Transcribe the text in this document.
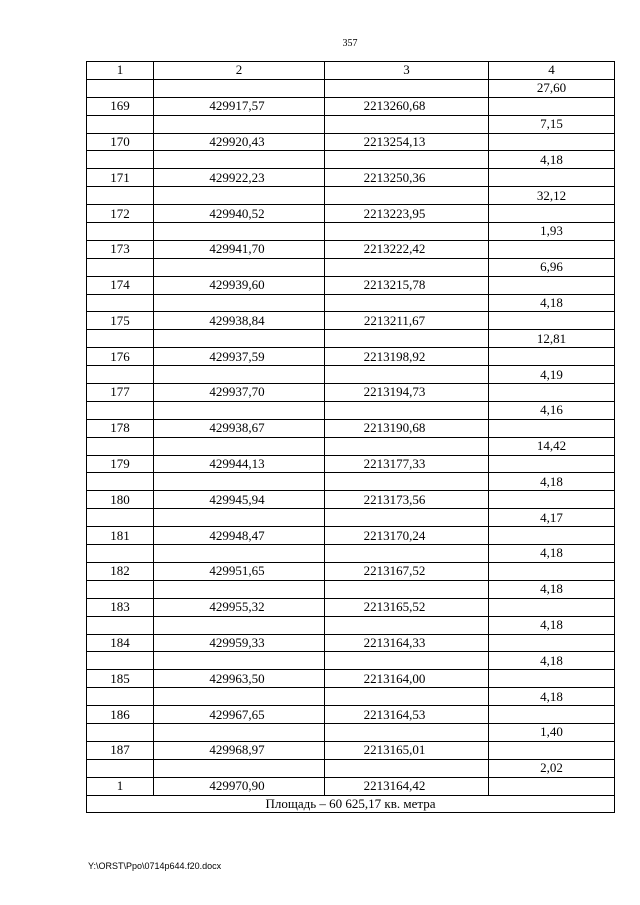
357
1	2	3	4
			27,60
169	429917,57	2213260,68	
			7,15
170	429920,43	2213254,13	
			4,18
171	429922,23	2213250,36	
			32,12
172	429940,52	2213223,95	
			1,93
173	429941,70	2213222,42	
			6,96
174	429939,60	2213215,78	
			4,18
175	429938,84	2213211,67	
			12,81
176	429937,59	2213198,92	
			4,19
177	429937,70	2213194,73	
			4,16
178	429938,67	2213190,68	
			14,42
179	429944,13	2213177,33	
			4,18
180	429945,94	2213173,56	
			4,17
181	429948,47	2213170,24	
			4,18
182	429951,65	2213167,52	
			4,18
183	429955,32	2213165,52	
			4,18
184	429959,33	2213164,33	
			4,18
185	429963,50	2213164,00	
			4,18
186	429967,65	2213164,53	
			1,40
187	429968,97	2213165,01	
			2,02
1	429970,90	2213164,42	
Площадь – 60 625,17 кв. метра			
Y:\ORST\Ppo\0714p644.f20.docx
